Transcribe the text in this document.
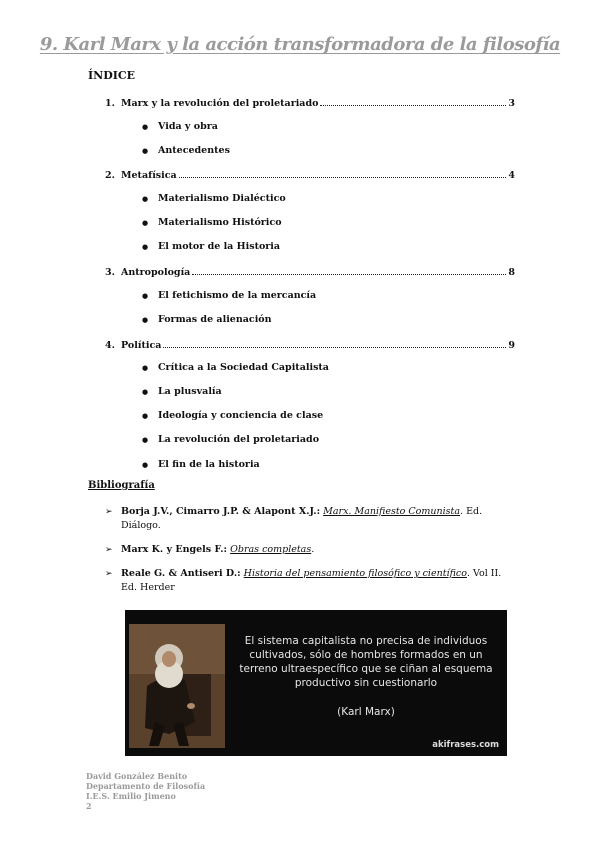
9. Karl Marx y la acción transformadora de la filosofía
ÍNDICE
1. Marx y la revolución del proletariado	3
●	Vida y obra
●	Antecedentes
2. Metafísica	4
●	Materialismo Dialéctico
●	Materialismo Histórico
●	El motor de la Historia
3. Antropología	8
●	El fetichismo de la mercancía
●	Formas de alienación
4. Política	9
●	Crítica a la Sociedad Capitalista
●	La plusvalía
●	Ideología y conciencia de clase
●	La revolución del proletariado
●	El fin de la historia
Bibliografía
➢ Borja J.V., Cimarro J.P. & Alapont X.J.: Marx. Manifiesto Comunista. Ed. Diálogo.
➢ Marx K. y Engels F.: Obras completas.
➢ Reale G. & Antiseri D.: Historia del pensamiento filosófico y científico. Vol II. Ed. Herder
El sistema capitalista no precisa de individuos cultivados, sólo de hombres formados en un terreno ultraespecífico que se ciñan al esquema productivo sin cuestionarlo
(Karl Marx)
akifrases.com
David González Benito
Departamento de Filosofía
I.E.S. Emilio Jimeno
2
